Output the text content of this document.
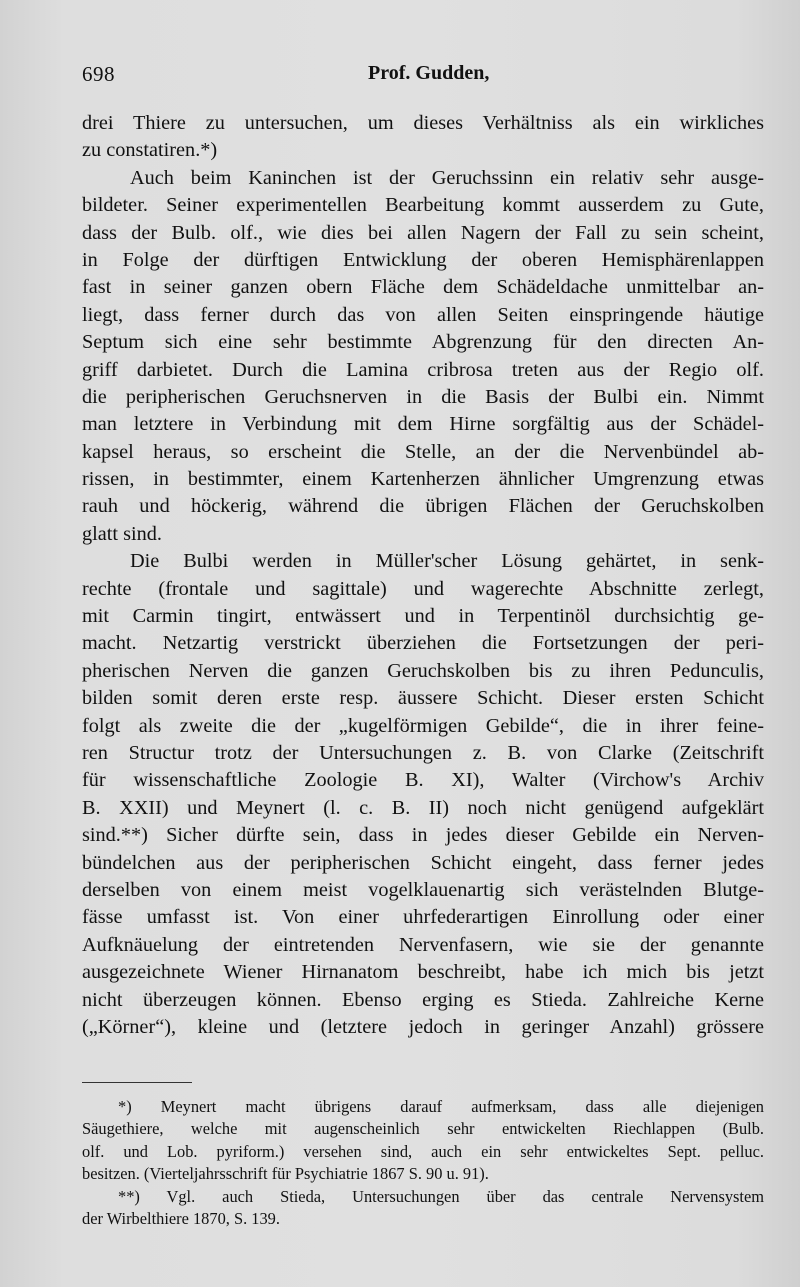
698	Prof. Gudden,
drei Thiere zu untersuchen, um dieses Verhältniss als ein wirkliches
zu constatiren.*)
Auch beim Kaninchen ist der Geruchssinn ein relativ sehr ausge-
bildeter. Seiner experimentellen Bearbeitung kommt ausserdem zu Gute,
dass der Bulb. olf., wie dies bei allen Nagern der Fall zu sein scheint,
in Folge der dürftigen Entwicklung der oberen Hemisphärenlappen
fast in seiner ganzen obern Fläche dem Schädeldache unmittelbar an-
liegt, dass ferner durch das von allen Seiten einspringende häutige
Septum sich eine sehr bestimmte Abgrenzung für den directen An-
griff darbietet. Durch die Lamina cribrosa treten aus der Regio olf.
die peripherischen Geruchsnerven in die Basis der Bulbi ein. Nimmt
man letztere in Verbindung mit dem Hirne sorgfältig aus der Schädel-
kapsel heraus, so erscheint die Stelle, an der die Nervenbündel ab-
rissen, in bestimmter, einem Kartenherzen ähnlicher Umgrenzung etwas
rauh und höckerig, während die übrigen Flächen der Geruchskolben
glatt sind.
Die Bulbi werden in Müller'scher Lösung gehärtet, in senk-
rechte (frontale und sagittale) und wagerechte Abschnitte zerlegt,
mit Carmin tingirt, entwässert und in Terpentinöl durchsichtig ge-
macht. Netzartig verstrickt überziehen die Fortsetzungen der peri-
pherischen Nerven die ganzen Geruchskolben bis zu ihren Pedunculis,
bilden somit deren erste resp. äussere Schicht. Dieser ersten Schicht
folgt als zweite die der „kugelförmigen Gebilde“, die in ihrer feine-
ren Structur trotz der Untersuchungen z. B. von Clarke (Zeitschrift
für wissenschaftliche Zoologie B. XI), Walter (Virchow's Archiv
B. XXII) und Meynert (l. c. B. II) noch nicht genügend aufgeklärt
sind.**) Sicher dürfte sein, dass in jedes dieser Gebilde ein Nerven-
bündelchen aus der peripherischen Schicht eingeht, dass ferner jedes
derselben von einem meist vogelklauenartig sich verästelnden Blutge-
fässe umfasst ist. Von einer uhrfederartigen Einrollung oder einer
Aufknäuelung der eintretenden Nervenfasern, wie sie der genannte
ausgezeichnete Wiener Hirnanatom beschreibt, habe ich mich bis jetzt
nicht überzeugen können. Ebenso erging es Stieda. Zahlreiche Kerne
(„Körner“), kleine und (letztere jedoch in geringer Anzahl) grössere
*) Meynert macht übrigens darauf aufmerksam, dass alle diejenigen
Säugethiere, welche mit augenscheinlich sehr entwickelten Riechlappen (Bulb.
olf. und Lob. pyriform.) versehen sind, auch ein sehr entwickeltes Sept. pelluc.
besitzen. (Vierteljahrsschrift für Psychiatrie 1867 S. 90 u. 91).
**) Vgl. auch Stieda, Untersuchungen über das centrale Nervensystem
der Wirbelthiere 1870, S. 139.
